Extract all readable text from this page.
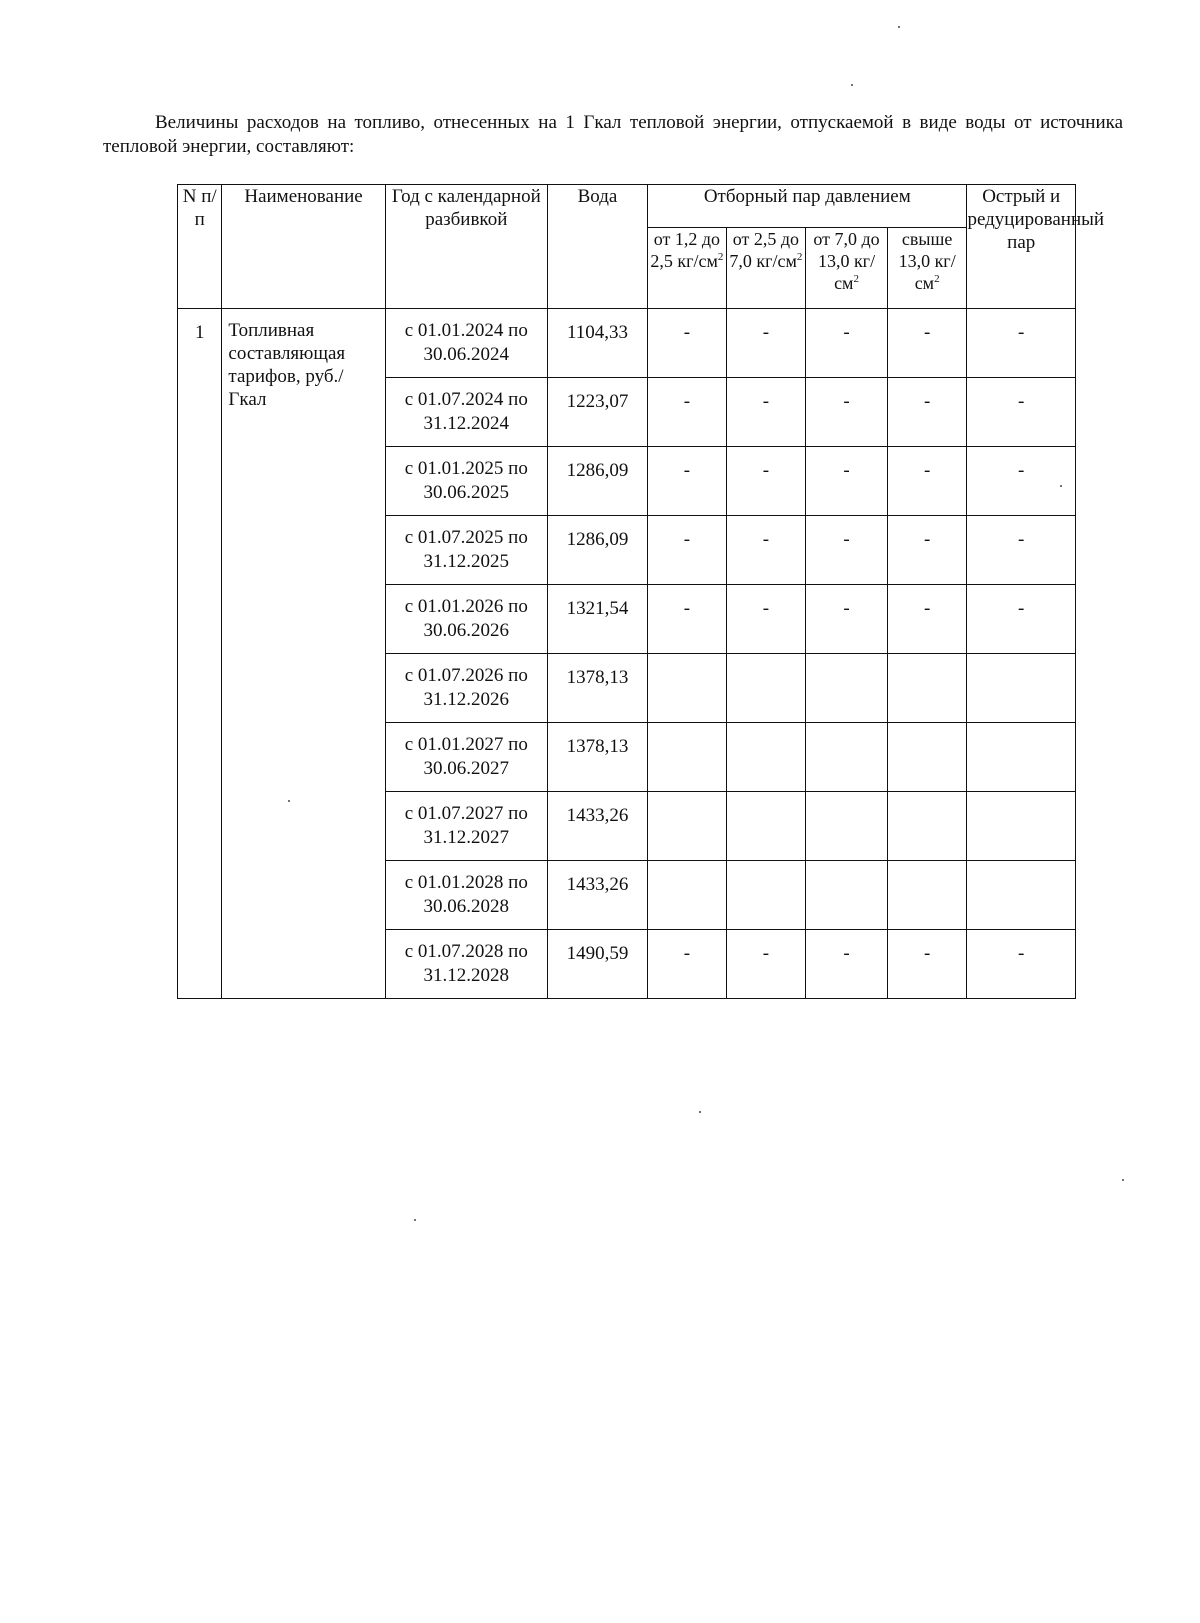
Величины расходов на топливо, отнесенных на 1 Гкал тепловой энергии, отпускаемой в виде воды от источника тепловой энергии, составляют:

N п/п	Наименование	Год с календарной разбивкой	Вода	Отборный пар давлением				Острый и редуцированный пар
				от 1,2 до 2,5 $кг/см^2$	от 2,5 до 7,0 $кг/см^2$	от 7,0 до 13,0 $кг/см^2$	свыше 13,0 $кг/см^2$
1	Топливная составляющая тарифов, руб./Гкал	с 01.01.2024 по
30.06.2024	1104,33	-	-	-	-	-

		с 01.07.2024 по
31.12.2024	1223,07	-	-	-	-	-

		с 01.01.2025 по
30.06.2025	1286,09	-	-	-	-	-

		с 01.07.2025 по
31.12.2025	1286,09	-	-	-	-	-

		с 01.01.2026 по
30.06.2026	1321,54	-	-	-	-	-

		с 01.07.2026 по
31.12.2026	1378,13					

		с 01.01.2027 по
30.06.2027	1378,13					

		с 01.07.2027 по
31.12.2027	1433,26					

		с 01.01.2028 по
30.06.2028	1433,26					

		с 01.07.2028 по
31.12.2028	1490,59	-	-	-	-	-
